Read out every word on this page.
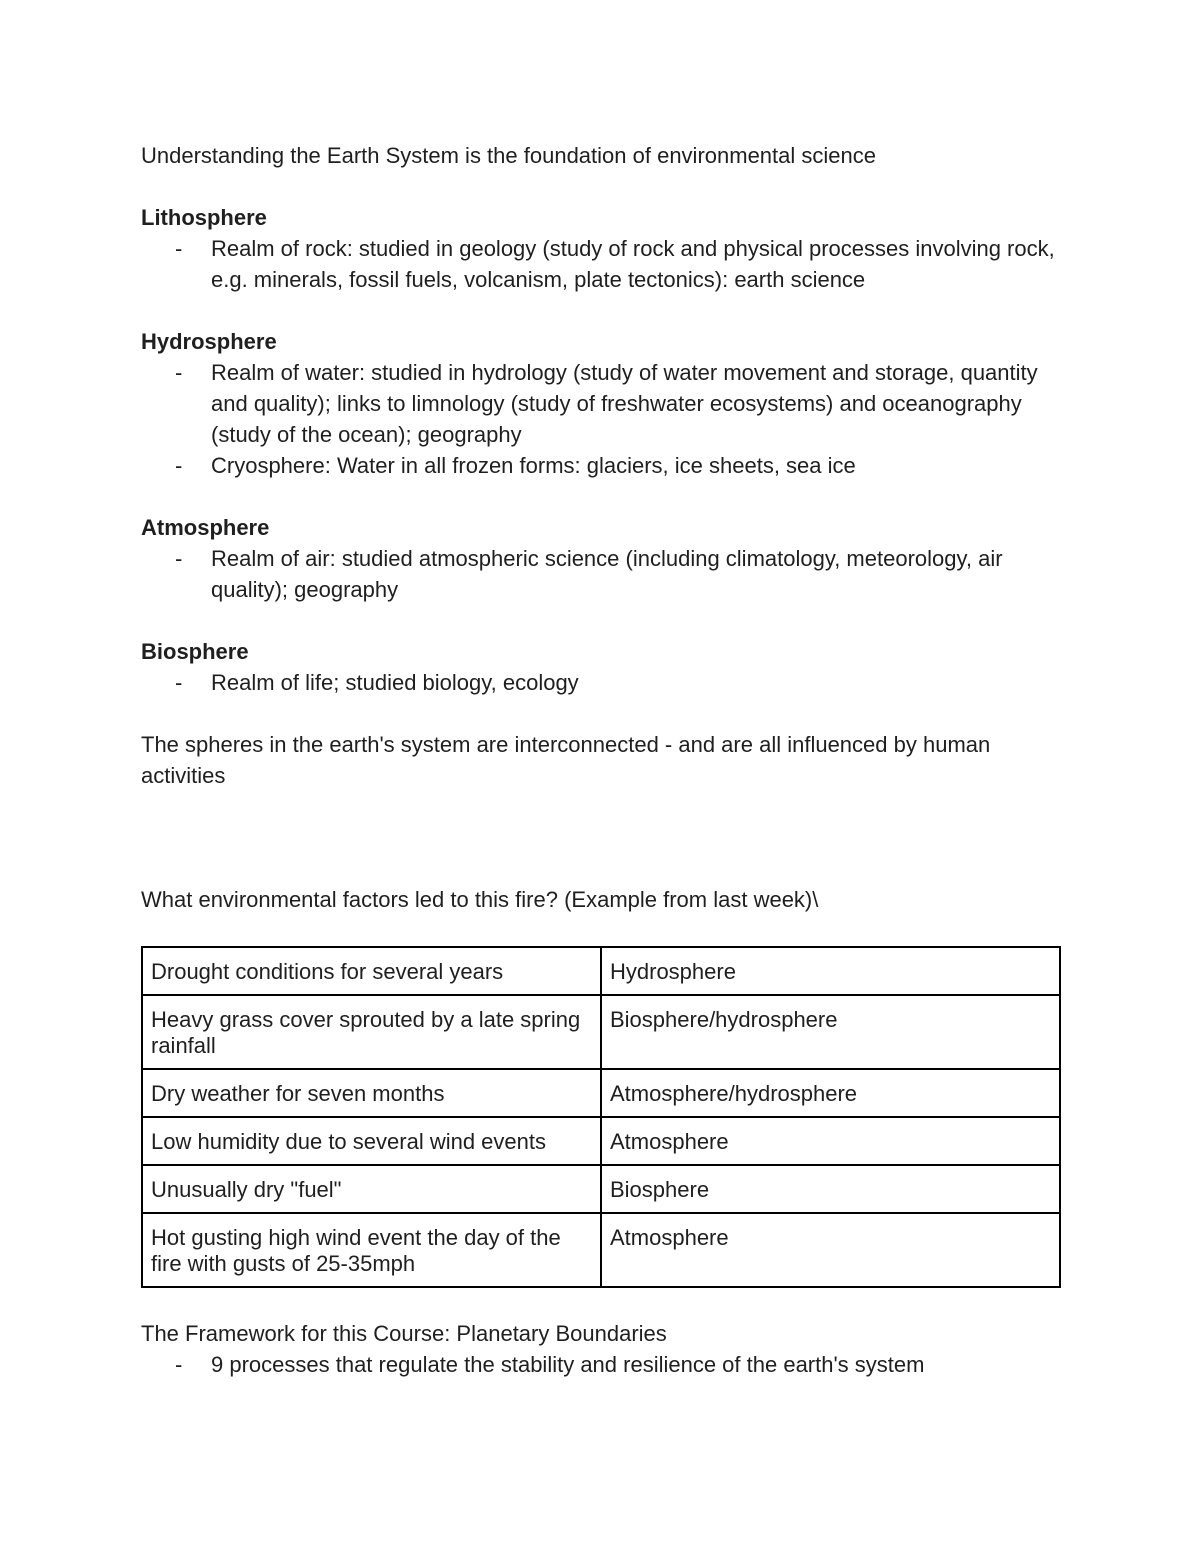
Understanding the Earth System is the foundation of environmental science

Lithosphere

- Realm of rock: studied in geology (study of rock and physical processes involving rock, e.g. minerals, fossil fuels, volcanism, plate tectonics): earth science

Hydrosphere

- Realm of water: studied in hydrology (study of water movement and storage, quantity and quality); links to limnology (study of freshwater ecosystems) and oceanography (study of the ocean); geography
- Cryosphere: Water in all frozen forms: glaciers, ice sheets, sea ice

Atmosphere

- Realm of air: studied atmospheric science (including climatology, meteorology, air quality); geography

Biosphere

- Realm of life; studied biology, ecology

The spheres in the earth's system are interconnected - and are all influenced by human activities

What environmental factors led to this fire? (Example from last week)\

Drought conditions for several years	Hydrosphere
Heavy grass cover sprouted by a late spring rainfall	Biosphere/hydrosphere
Dry weather for seven months	Atmosphere/hydrosphere
Low humidity due to several wind events	Atmosphere
Unusually dry "fuel"	Biosphere
Hot gusting high wind event the day of the fire with gusts of 25-35mph	Atmosphere

The Framework for this Course: Planetary Boundaries

- 9 processes that regulate the stability and resilience of the earth's system
